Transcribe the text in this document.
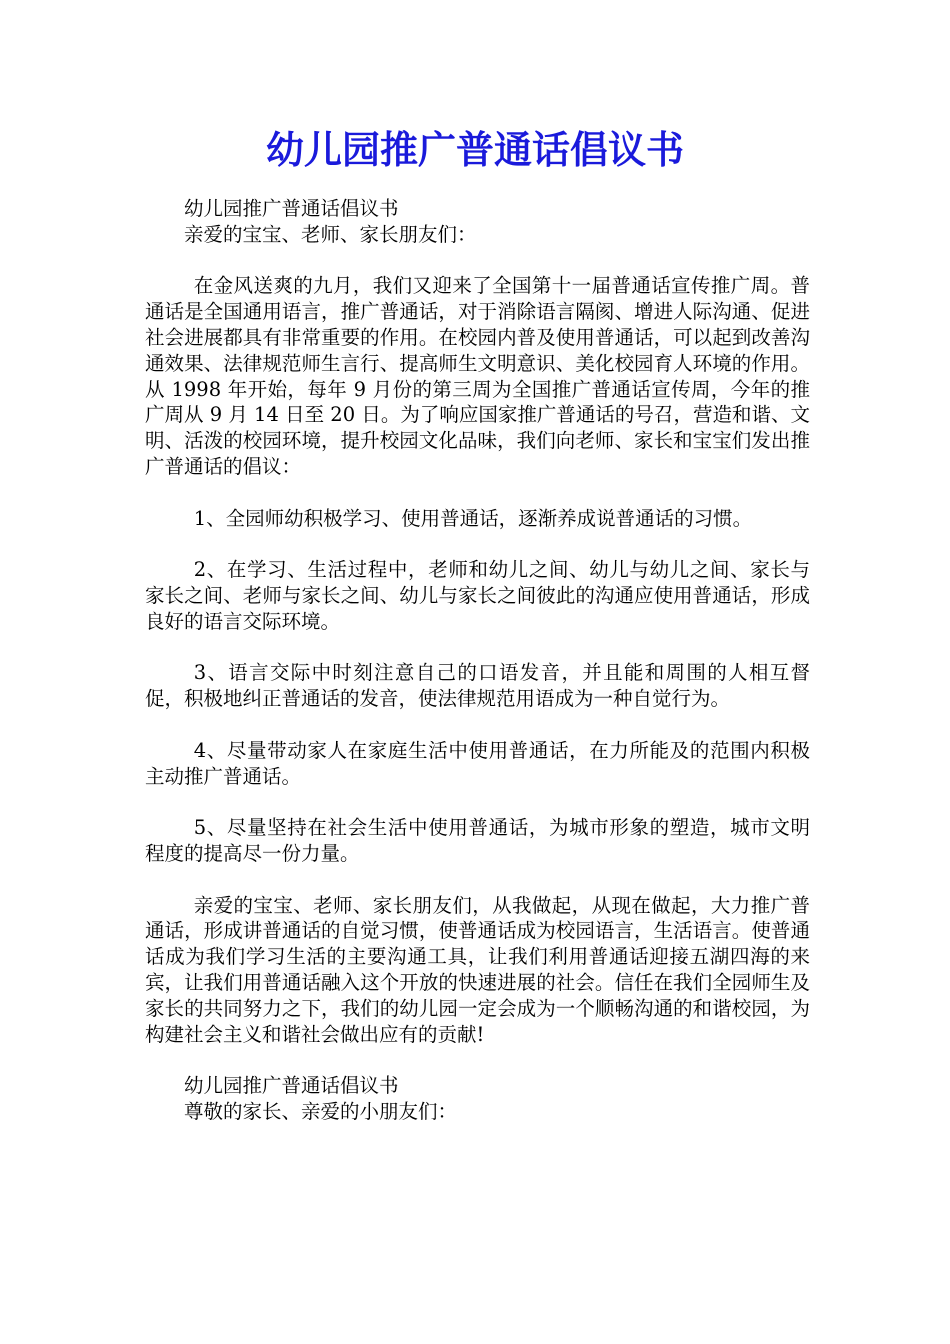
幼儿园推广普通话倡议书

幼儿园推广普通话倡议书

亲爱的宝宝、老师、家长朋友们：

在金风送爽的九月，我们又迎来了全国第十一届普通话宣传推广周。普通话是全国通用语言，推广普通话，对于消除语言隔阂、增进人际沟通、促进社会进展都具有非常重要的作用。在校园内普及使用普通话，可以起到改善沟通效果、法律规范师生言行、提高师生文明意识、美化校园育人环境的作用。从 1998 年开始，每年 9 月份的第三周为全国推广普通话宣传周，今年的推广周从 9 月 14 日至 20 日。为了响应国家推广普通话的号召，营造和谐、文明、活泼的校园环境，提升校园文化品味，我们向老师、家长和宝宝们发出推广普通话的倡议：

1、全园师幼积极学习、使用普通话，逐渐养成说普通话的习惯。

2、在学习、生活过程中，老师和幼儿之间、幼儿与幼儿之间、家长与家长之间、老师与家长之间、幼儿与家长之间彼此的沟通应使用普通话，形成良好的语言交际环境。

3、语言交际中时刻注意自己的口语发音，并且能和周围的人相互督促，积极地纠正普通话的发音，使法律规范用语成为一种自觉行为。

4、尽量带动家人在家庭生活中使用普通话，在力所能及的范围内积极主动推广普通话。

5、尽量坚持在社会生活中使用普通话，为城市形象的塑造，城市文明程度的提高尽一份力量。

亲爱的宝宝、老师、家长朋友们，从我做起，从现在做起，大力推广普通话，形成讲普通话的自觉习惯，使普通话成为校园语言，生活语言。使普通话成为我们学习生活的主要沟通工具，让我们利用普通话迎接五湖四海的来宾，让我们用普通话融入这个开放的快速进展的社会。信任在我们全园师生及家长的共同努力之下，我们的幼儿园一定会成为一个顺畅沟通的和谐校园，为构建社会主义和谐社会做出应有的贡献!

幼儿园推广普通话倡议书

尊敬的家长、亲爱的小朋友们：
